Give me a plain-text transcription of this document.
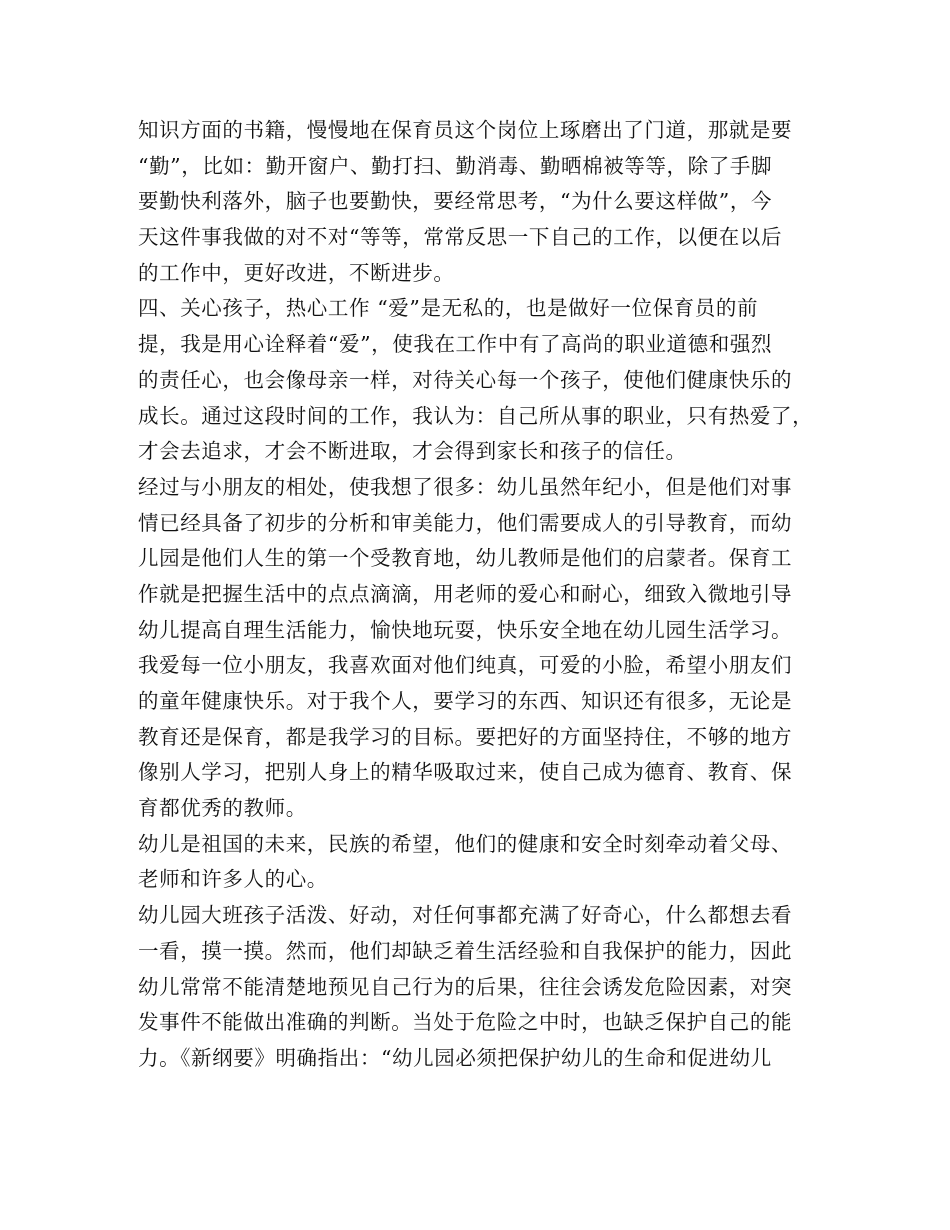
知识方面的书籍，慢慢地在保育员这个岗位上琢磨出了门道，那就是要
“勤”，比如：勤开窗户、勤打扫、勤消毒、勤晒棉被等等，除了手脚
要勤快利落外，脑子也要勤快，要经常思考，“为什么要这样做”，今
天这件事我做的对不对“等等，常常反思一下自己的工作，以便在以后
的工作中，更好改进，不断进步。
四、关心孩子，热心工作 “爱”是无私的，也是做好一位保育员的前
提，我是用心诠释着“爱”，使我在工作中有了高尚的职业道德和强烈
的责任心，也会像母亲一样，对待关心每一个孩子，使他们健康快乐的
成长。通过这段时间的工作，我认为：自己所从事的职业，只有热爱了，
才会去追求，才会不断进取，才会得到家长和孩子的信任。
经过与小朋友的相处，使我想了很多：幼儿虽然年纪小，但是他们对事
情已经具备了初步的分析和审美能力，他们需要成人的引导教育，而幼
儿园是他们人生的第一个受教育地，幼儿教师是他们的启蒙者。保育工
作就是把握生活中的点点滴滴，用老师的爱心和耐心，细致入微地引导
幼儿提高自理生活能力，愉快地玩耍，快乐安全地在幼儿园生活学习。
我爱每一位小朋友，我喜欢面对他们纯真，可爱的小脸，希望小朋友们
的童年健康快乐。对于我个人，要学习的东西、知识还有很多，无论是
教育还是保育，都是我学习的目标。要把好的方面坚持住，不够的地方
像别人学习，把别人身上的精华吸取过来，使自己成为德育、教育、保
育都优秀的教师。
幼儿是祖国的未来，民族的希望，他们的健康和安全时刻牵动着父母、
老师和许多人的心。
幼儿园大班孩子活泼、好动，对任何事都充满了好奇心，什么都想去看
一看，摸一摸。然而，他们却缺乏着生活经验和自我保护的能力，因此
幼儿常常不能清楚地预见自己行为的后果，往往会诱发危险因素，对突
发事件不能做出准确的判断。当处于危险之中时，也缺乏保护自己的能
力。《新纲要》明确指出：“幼儿园必须把保护幼儿的生命和促进幼儿
